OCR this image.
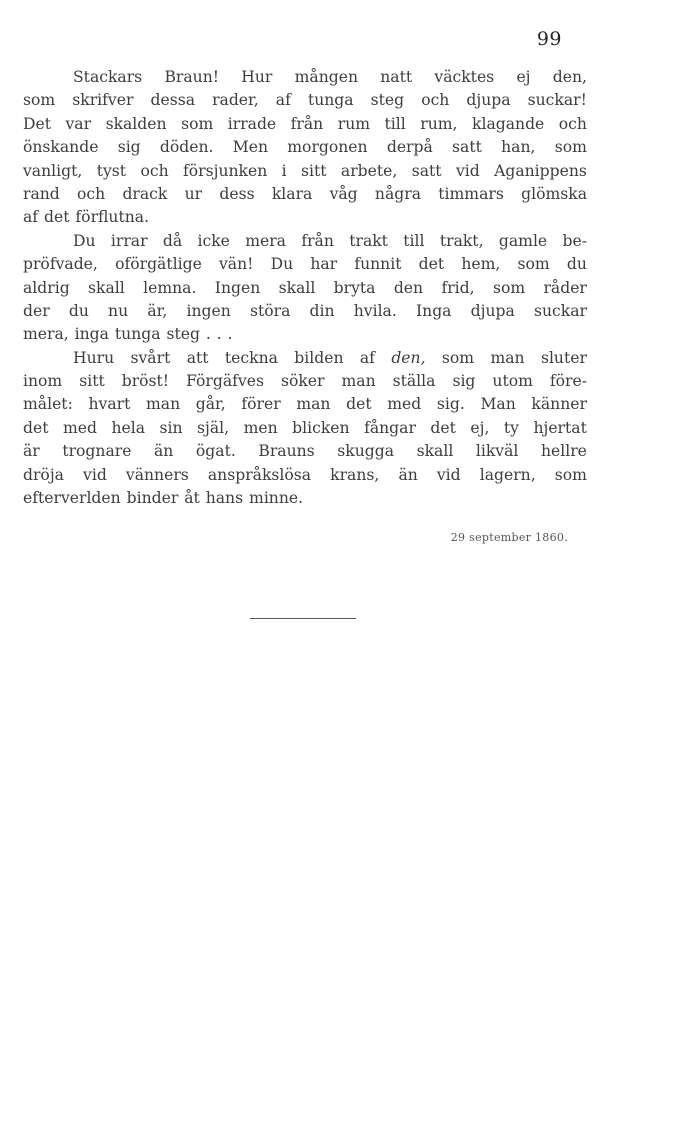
99
Stackars Braun! Hur mången natt väcktes ej den,
som skrifver dessa rader, af tunga steg och djupa suckar!
Det var skalden som irrade från rum till rum, klagande och
önskande sig döden. Men morgonen derpå satt han, som
vanligt, tyst och försjunken i sitt arbete, satt vid Aganippens
rand och drack ur dess klara våg några timmars glömska
af det förflutna.
Du irrar då icke mera från trakt till trakt, gamle be-
pröfvade, oförgätlige vän! Du har funnit det hem, som du
aldrig skall lemna. Ingen skall bryta den frid, som råder
der du nu är, ingen störa din hvila. Inga djupa suckar
mera, inga tunga steg . . .
Huru svårt att teckna bilden af den, som man sluter
inom sitt bröst! Förgäfves söker man ställa sig utom före-
målet: hvart man går, förer man det med sig. Man känner
det med hela sin själ, men blicken fångar det ej, ty hjertat
är trognare än ögat. Brauns skugga skall likväl hellre
dröja vid vänners anspråkslösa krans, än vid lagern, som
efterverlden binder åt hans minne.
29 september 1860.
